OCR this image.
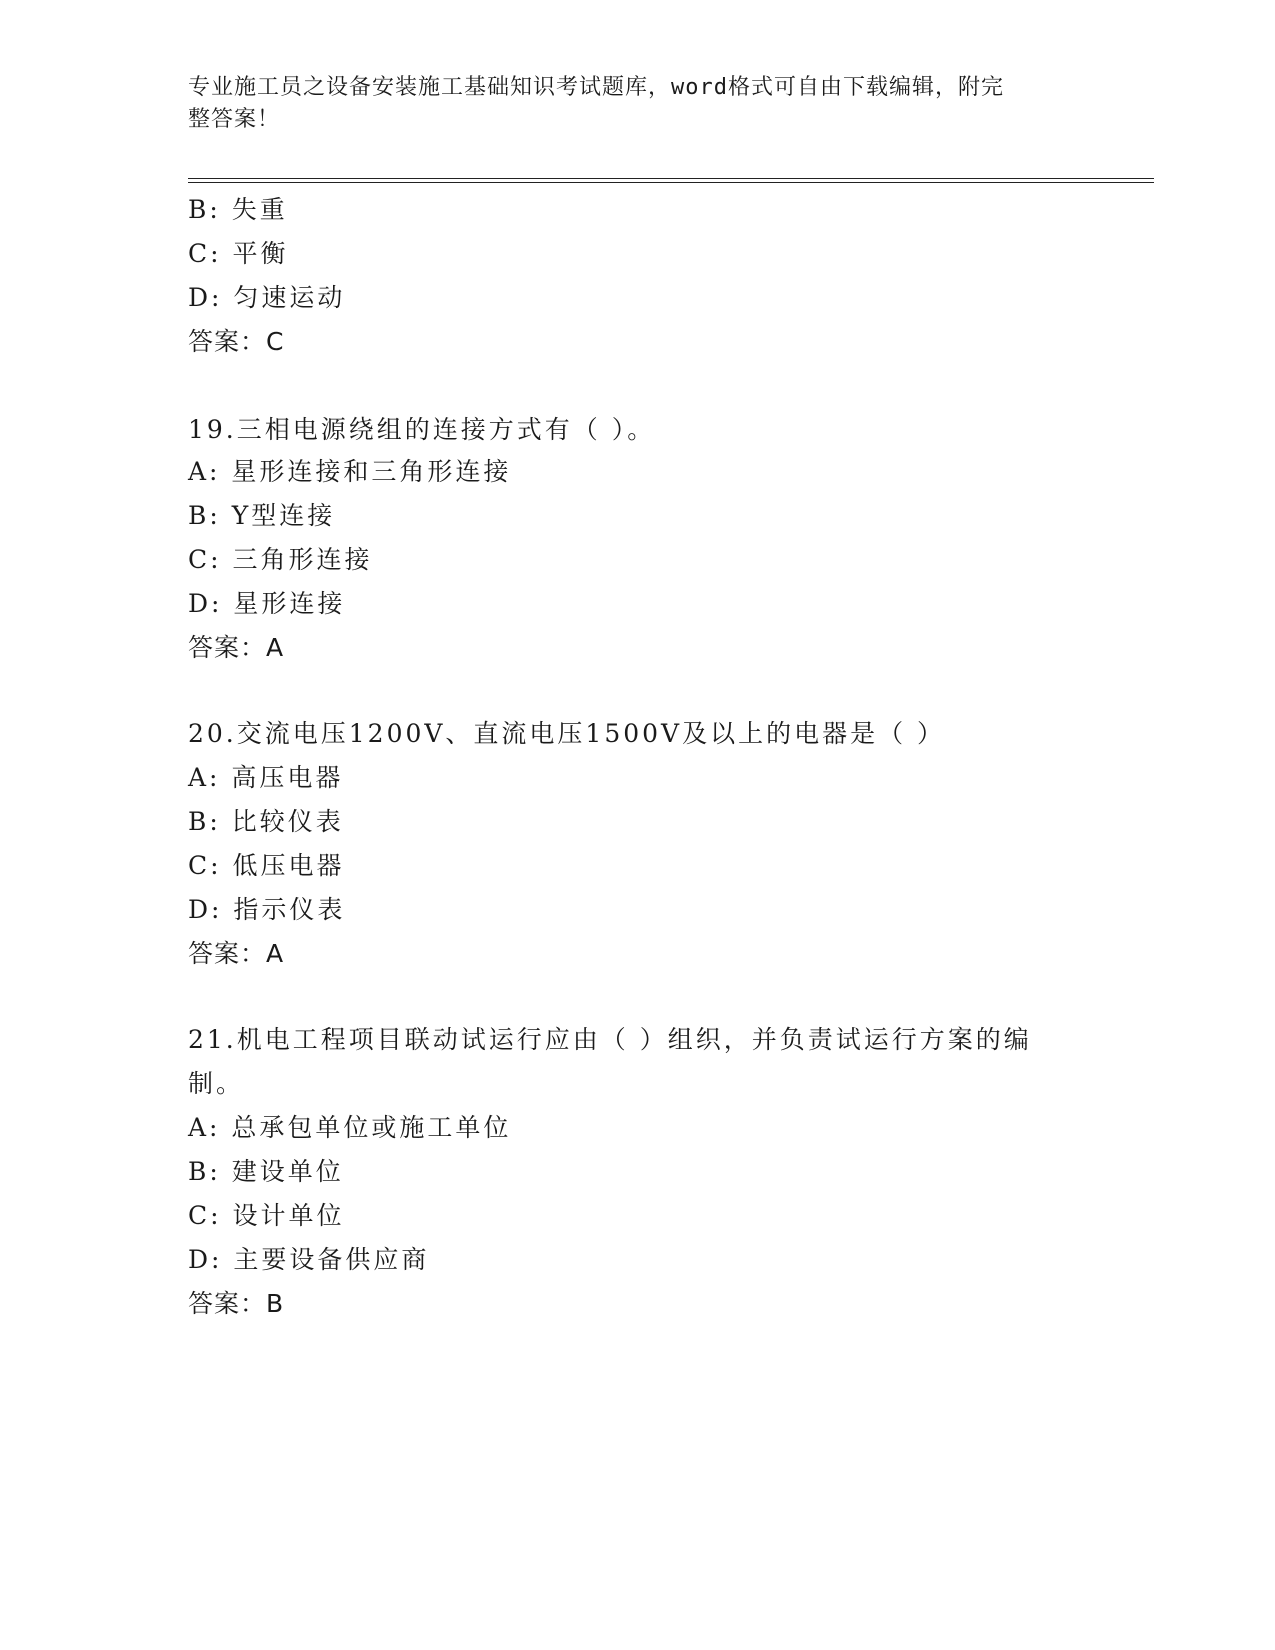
专业施工员之设备安装施工基础知识考试题库，word格式可自由下载编辑，附完
整答案！
B: 失重
C: 平衡
D: 匀速运动
答案：C
19.三相电源绕组的连接方式有（ ）。
A: 星形连接和三角形连接
B: Y型连接
C: 三角形连接
D: 星形连接
答案：A
20.交流电压1200V、直流电压1500V及以上的电器是（ ）
A: 高压电器
B: 比较仪表
C: 低压电器
D: 指示仪表
答案：A
21.机电工程项目联动试运行应由（ ）组织，并负责试运行方案的编
制。
A: 总承包单位或施工单位
B: 建设单位
C: 设计单位
D: 主要设备供应商
答案：B
